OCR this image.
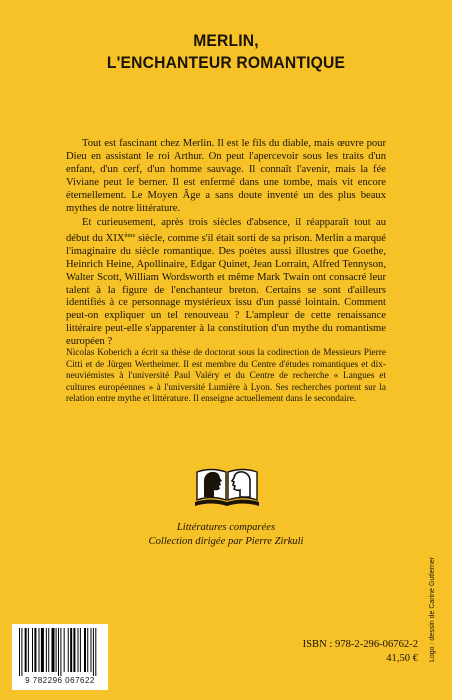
MERLIN,
L'ENCHANTEUR ROMANTIQUE

Tout est fascinant chez Merlin. Il est le fils du diable, mais œuvre pour Dieu en assistant le roi Arthur. On peut l'apercevoir sous les traits d'un enfant, d'un cerf, d'un homme sauvage. Il connaît l'avenir, mais la fée Viviane peut le berner. Il est enfermé dans une tombe, mais vit encore éternellement. Le Moyen Âge a sans doute inventé un des plus beaux mythes de notre littérature.

Et curieusement, après trois siècles d'absence, il réapparaît tout au début du XIXème siècle, comme s'il était sorti de sa prison. Merlin a marqué l'imaginaire du siècle romantique. Des poètes aussi illustres que Goethe, Heinrich Heine, Apollinaire, Edgar Quinet, Jean Lorrain, Alfred Tennyson, Walter Scott, William Wordsworth et même Mark Twain ont consacré leur talent à la figure de l'enchanteur breton. Certains se sont d'ailleurs identifiés à ce personnage mystérieux issu d'un passé lointain. Comment peut-on expliquer un tel renouveau ? L'ampleur de cette renaissance littéraire peut-elle s'apparenter à la constitution d'un mythe du romantisme européen ?

Nicolas Koberich a écrit sa thèse de doctorat sous la codirection de Messieurs Pierre Citti et de Jürgen Wertheimer. Il est membre du Centre d'études romantiques et dix-neuviémistes à l'université Paul Valéry et du Centre de recherche « Langues et cultures européennes » à l'université Lumière à Lyon. Ses recherches portent sur la relation entre mythe et littérature. Il enseigne actuellement dans le secondaire.

Littératures comparées
Collection dirigée par Pierre Zirkuli
Logo : dessin de Carine Gutlerner
9 782296 067622
ISBN : 978-2-296-06762-2
41,50 €
